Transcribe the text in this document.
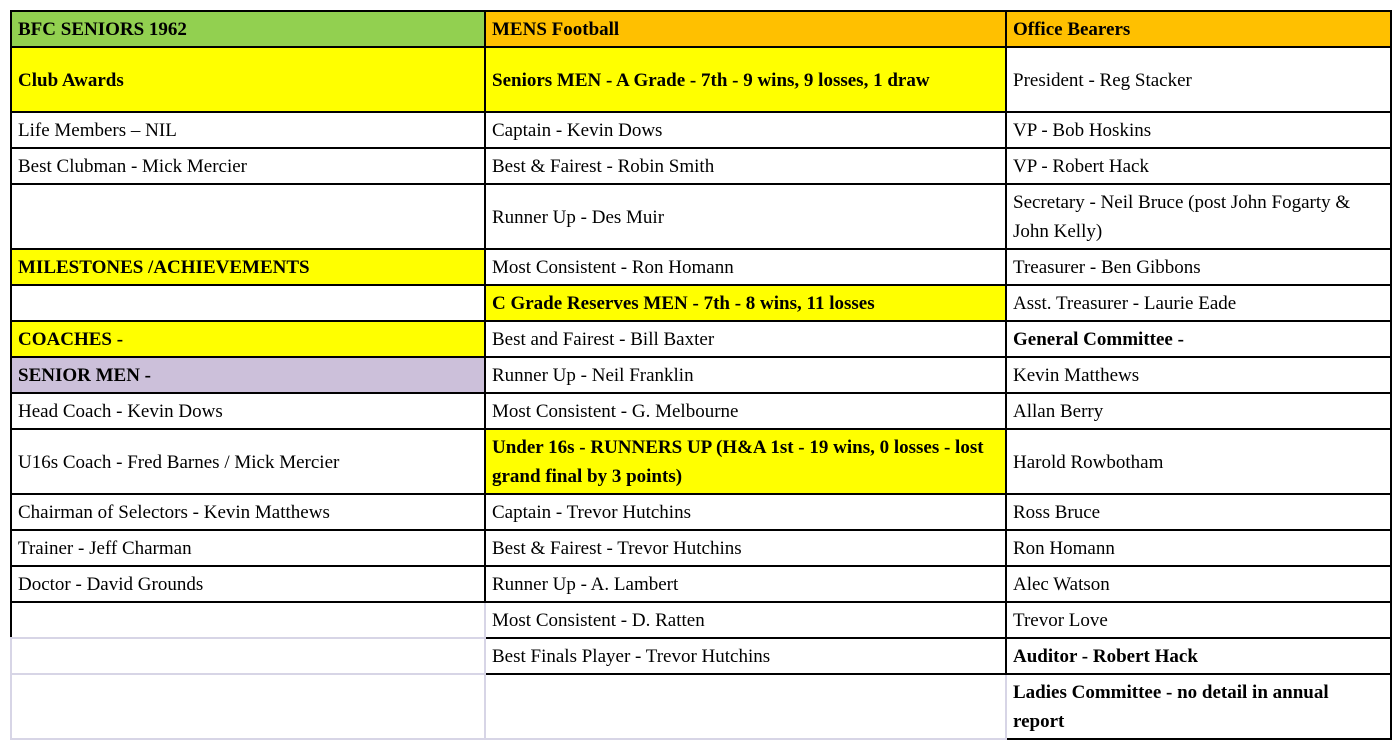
BFC SENIORS 1962	MENS Football	Office Bearers
Club Awards	Seniors MEN - A Grade - 7th - 9 wins, 9 losses, 1 draw	President - Reg Stacker
Life Members – NIL	Captain - Kevin Dows	VP - Bob Hoskins
Best Clubman - Mick Mercier	Best & Fairest - Robin Smith	VP - Robert Hack
	Runner Up - Des Muir	Secretary - Neil Bruce (post John Fogarty & John Kelly)
MILESTONES /ACHIEVEMENTS	Most Consistent - Ron Homann	Treasurer - Ben Gibbons
	C Grade Reserves MEN - 7th - 8 wins, 11 losses	Asst. Treasurer - Laurie Eade
COACHES -	Best and Fairest - Bill Baxter	General Committee -
SENIOR MEN -	Runner Up - Neil Franklin	Kevin Matthews
Head Coach - Kevin Dows	Most Consistent - G. Melbourne	Allan Berry
U16s Coach - Fred Barnes / Mick Mercier	Under 16s - RUNNERS UP (H&A 1st - 19 wins, 0 losses - lost grand final by 3 points)	Harold Rowbotham
Chairman of Selectors - Kevin Matthews	Captain - Trevor Hutchins	Ross Bruce
Trainer - Jeff Charman	Best & Fairest - Trevor Hutchins	Ron Homann
Doctor - David Grounds	Runner Up - A. Lambert	Alec Watson
	Most Consistent - D. Ratten	Trevor Love
	Best Finals Player - Trevor Hutchins	Auditor - Robert Hack
		Ladies Committee - no detail in annual report
